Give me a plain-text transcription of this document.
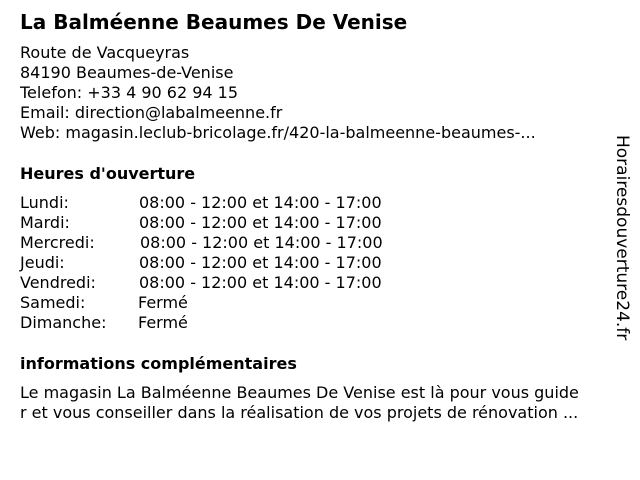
La Balméenne Beaumes De Venise
Route de Vacqueyras
84190 Beaumes-de-Venise
Telefon: +33 4 90 62 94 15
Email: direction@labalmeenne.fr
Web: magasin.leclub-bricolage.fr/420-la-balmeenne-beaumes-...
Heures d'ouverture
Lundi:	08:00 - 12:00 et 14:00 - 17:00
Mardi:	08:00 - 12:00 et 14:00 - 17:00
Mercredi:	08:00 - 12:00 et 14:00 - 17:00
Jeudi:	08:00 - 12:00 et 14:00 - 17:00
Vendredi:	08:00 - 12:00 et 14:00 - 17:00
Samedi:	Fermé
Dimanche: Fermé
informations complémentaires
Le magasin La Balméenne Beaumes De Venise est là pour vous guide
r et vous conseiller dans la réalisation de vos projets de rénovation ...
Horairesdouverture24.fr
